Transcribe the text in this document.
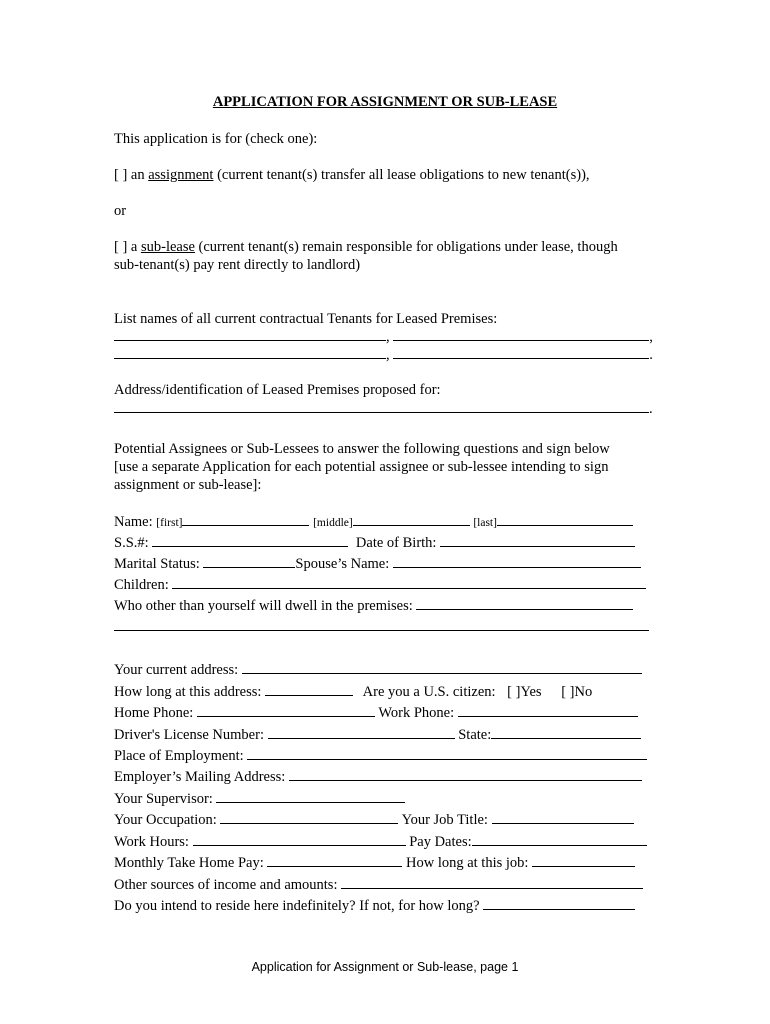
APPLICATION FOR ASSIGNMENT OR SUB-LEASE
This application is for (check one):
[ ] an assignment (current tenant(s) transfer all lease obligations to new tenant(s)),
or
[ ] a sub-lease (current tenant(s) remain responsible for obligations under lease, though
sub-tenant(s) pay rent directly to landlord)
List names of all current contractual Tenants for Leased Premises:
,	,
,	.
Address/identification of Leased Premises proposed for:
.
Potential Assignees or Sub-Lessees to answer the following questions and sign below
[use a separate Application for each potential assignee or sub-lessee intending to sign
assignment or sub-lease]:
Name: [first]	[middle]	[last]
S.S.#:	Date of Birth:
Marital Status:	Spouse’s Name:
Children:
Who other than yourself will dwell in the premises:
Your current address:
How long at this address:	Are you a U.S. citizen: [ ]Yes [ ]No
Home Phone:	Work Phone:
Driver's License Number:	State:
Place of Employment:
Employer’s Mailing Address:
Your Supervisor:
Your Occupation:	Your Job Title:
Work Hours:	Pay Dates:
Monthly Take Home Pay:	How long at this job:
Other sources of income and amounts:
Do you intend to reside here indefinitely? If not, for how long?
Application for Assignment or Sub-lease, page 1
